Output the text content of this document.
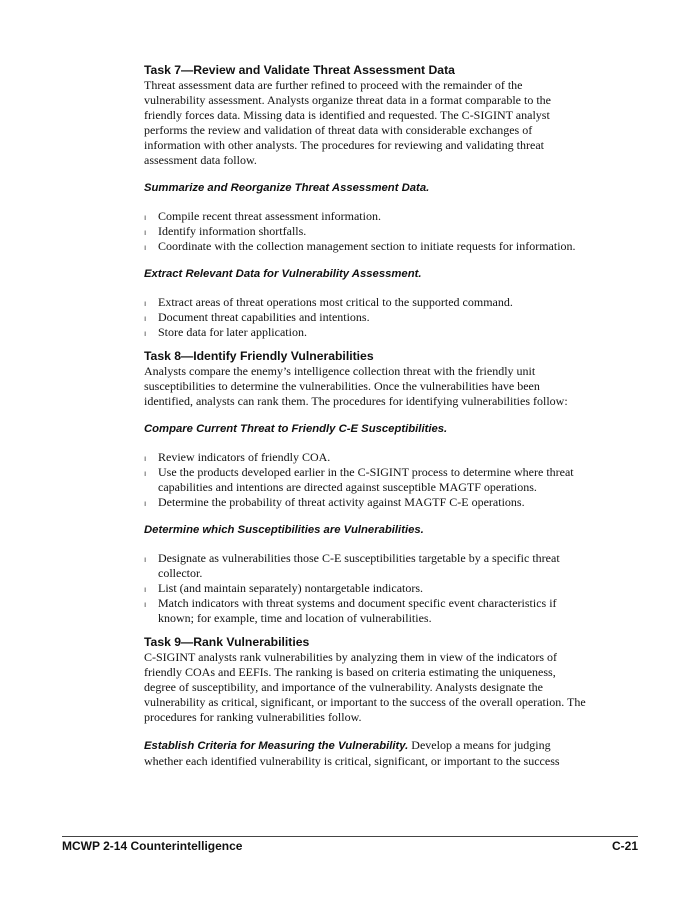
Task 7—Review and Validate Threat Assessment Data

Threat assessment data are further refined to proceed with the remainder of the vulnerability assessment. Analysts organize threat data in a format comparable to the friendly forces data. Missing data is identified and requested. The C-SIGINT analyst performs the review and validation of threat data with considerable exchanges of information with other analysts. The procedures for reviewing and validating threat assessment data follow.

Summarize and Reorganize Threat Assessment Data.
ı Compile recent threat assessment information.
ı Identify information shortfalls.
ı Coordinate with the collection management section to initiate requests for information.
Extract Relevant Data for Vulnerability Assessment.
ı Extract areas of threat operations most critical to the supported command.
ı Document threat capabilities and intentions.
ı Store data for later application.
Task 8—Identify Friendly Vulnerabilities

Analysts compare the enemy’s intelligence collection threat with the friendly unit susceptibilities to determine the vulnerabilities. Once the vulnerabilities have been identified, analysts can rank them. The procedures for identifying vulnerabilities follow:

Compare Current Threat to Friendly C-E Susceptibilities.
ı Review indicators of friendly COA.
ı Use the products developed earlier in the C-SIGINT process to determine where threat capabilities and intentions are directed against susceptible MAGTF operations.
ı Determine the probability of threat activity against MAGTF C-E operations.
Determine which Susceptibilities are Vulnerabilities.
ı Designate as vulnerabilities those C-E susceptibilities targetable by a specific threat collector.
ı List (and maintain separately) nontargetable indicators.
ı Match indicators with threat systems and document specific event characteristics if known; for example, time and location of vulnerabilities.
Task 9—Rank Vulnerabilities

C-SIGINT analysts rank vulnerabilities by analyzing them in view of the indicators of friendly COAs and EEFIs. The ranking is based on criteria estimating the uniqueness, degree of susceptibility, and importance of the vulnerability. Analysts designate the vulnerability as critical, significant, or important to the success of the overall operation. The procedures for ranking vulnerabilities follow.

Establish Criteria for Measuring the Vulnerability. Develop a means for judging whether each identified vulnerability is critical, significant, or important to the success

MCWP 2-14 Counterintelligence	C-21
